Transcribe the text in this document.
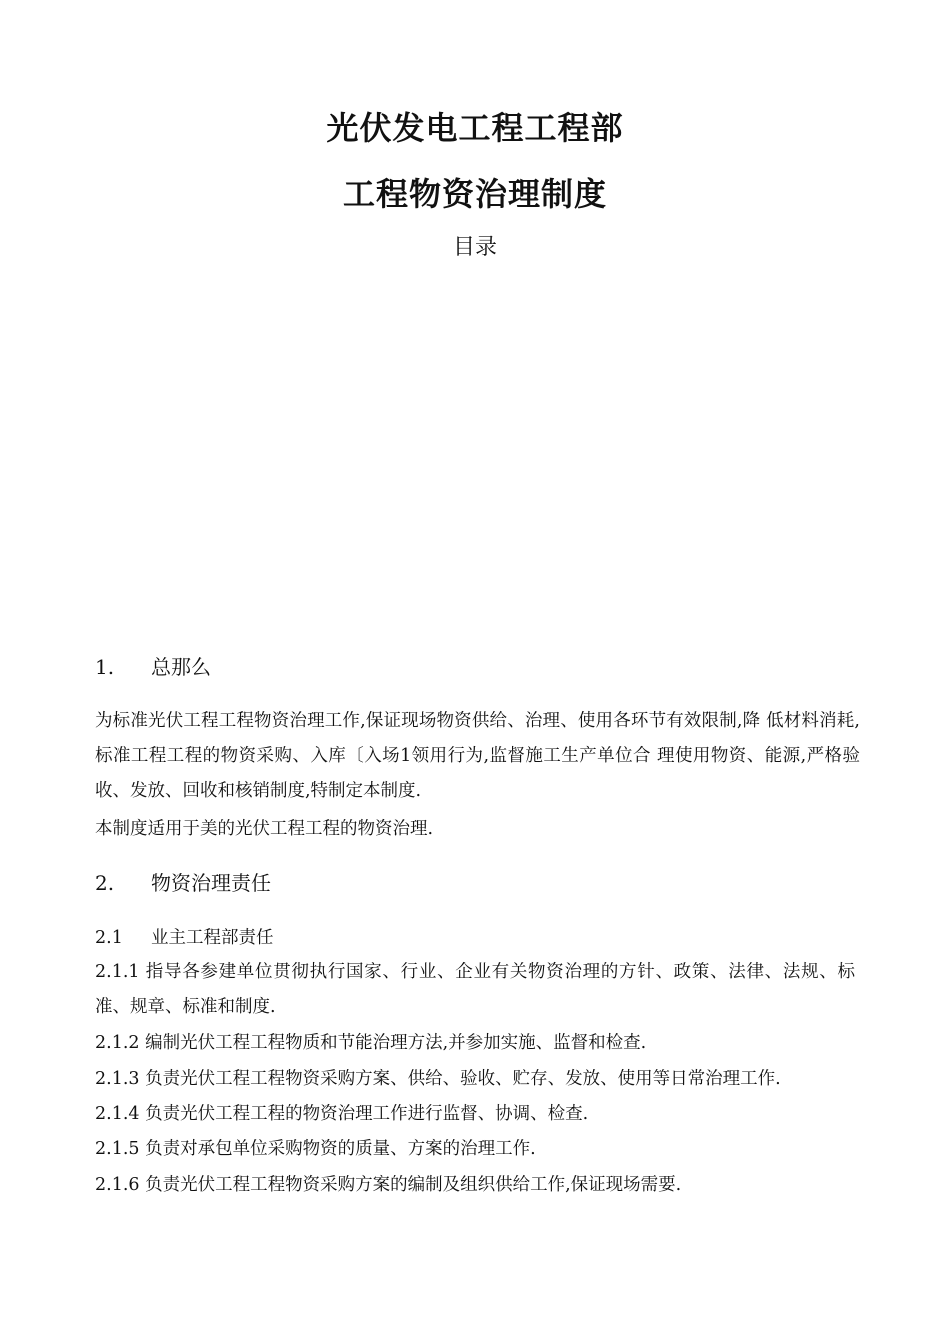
光伏发电工程工程部
工程物资治理制度
目录
1. 总那么
为标准光伏工程工程物资治理工作,保证现场物资供给、治理、使用各环节有效限制,降 低材料消耗,标准工程工程的物资采购、入库〔入场1领用行为,监督施工生产单位合 理使用物资、能源,严格验收、发放、回收和核销制度,特制定本制度.
本制度适用于美的光伏工程工程的物资治理.
2. 物资治理责任
2.1 业主工程部责任
2.1.1 指导各参建单位贯彻执行国家、行业、企业有关物资治理的方针、政策、法律、法规、标准、规章、标准和制度.
2.1.2 编制光伏工程工程物质和节能治理方法,并参加实施、监督和检查.
2.1.3 负责光伏工程工程物资采购方案、供给、验收、贮存、发放、使用等日常治理工作.
2.1.4 负责光伏工程工程的物资治理工作进行监督、协调、检查.
2.1.5 负责对承包单位采购物资的质量、方案的治理工作.
2.1.6 负责光伏工程工程物资采购方案的编制及组织供给工作,保证现场需要.
